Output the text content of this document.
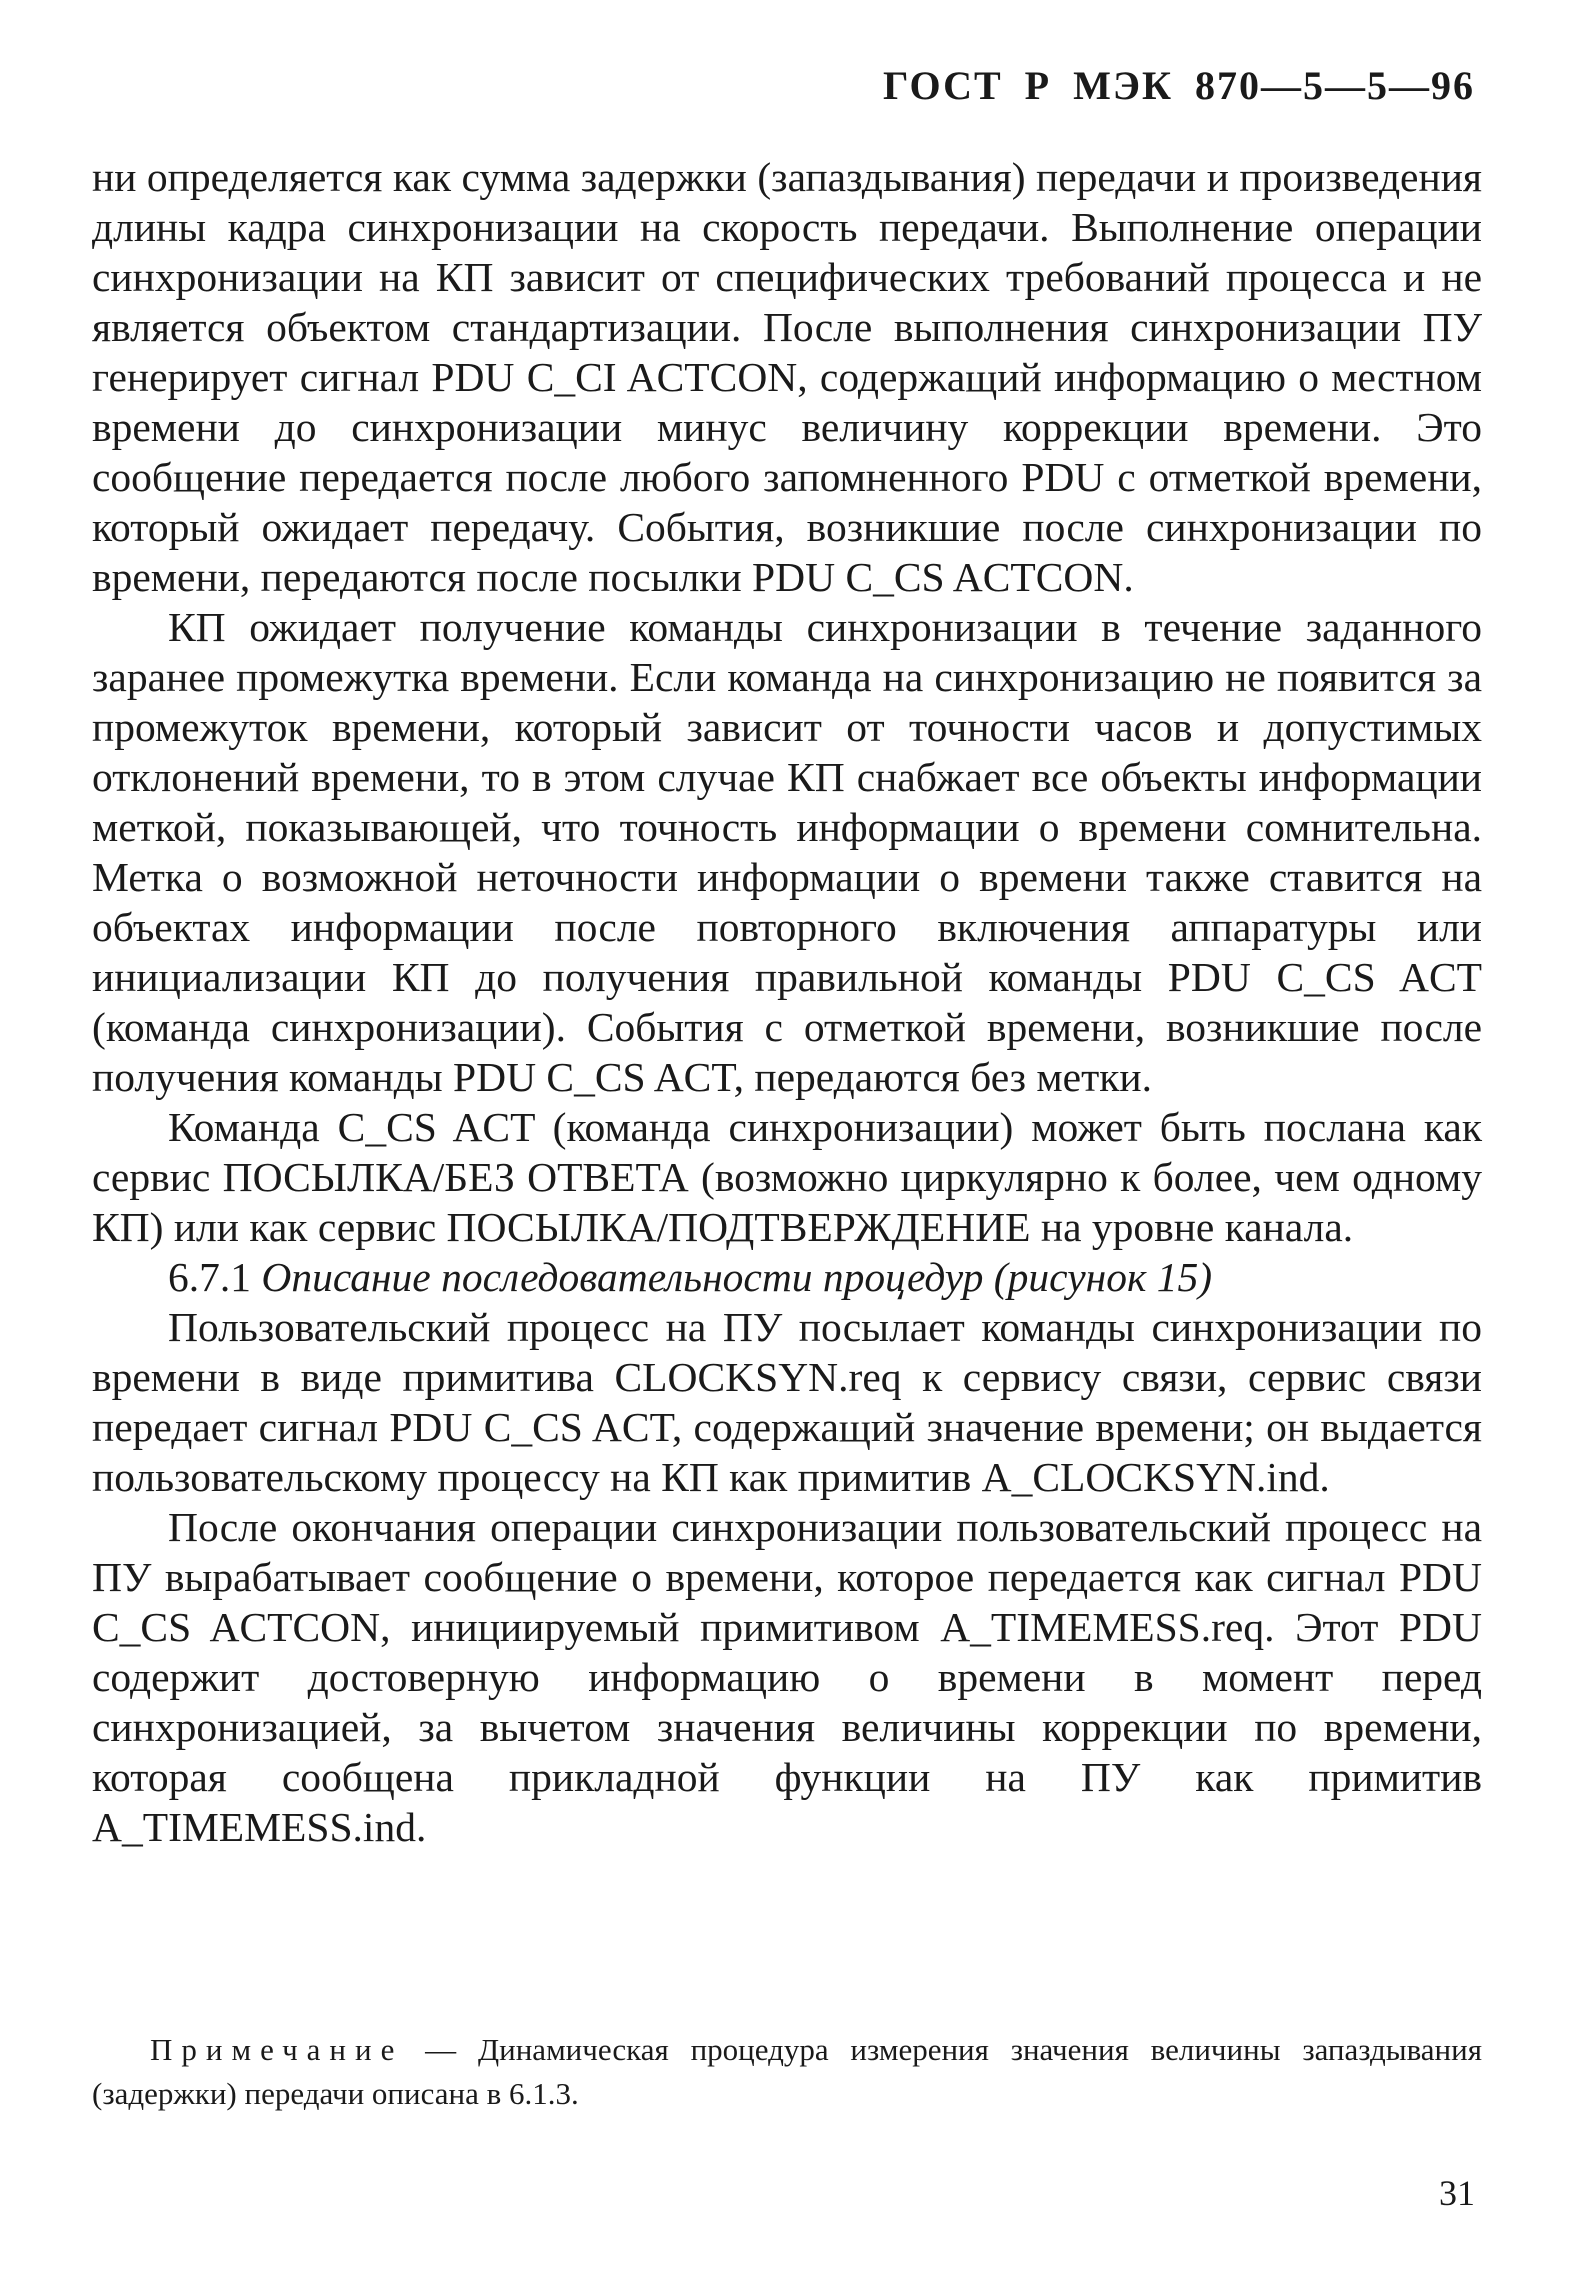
ГОСТ Р МЭК 870—5—5—96

ни определяется как сумма задержки (запаздывания) передачи и произведения длины кадра синхронизации на скорость передачи. Выполнение операции синхронизации на КП зависит от специфических требований процесса и не является объектом стандартизации. После выполнения синхронизации ПУ генерирует сигнал PDU C_CI ACTCON, содержащий информацию о местном времени до синхронизации минус величину коррекции времени. Это сообщение передается после любого запомненного PDU с отметкой времени, который ожидает передачу. События, возникшие после синхронизации по времени, передаются после посылки PDU C_CS ACTCON.

КП ожидает получение команды синхронизации в течение заданного заранее промежутка времени. Если команда на синхронизацию не появится за промежуток времени, который зависит от точности часов и допустимых отклонений времени, то в этом случае КП снабжает все объекты информации меткой, показывающей, что точность информации о времени сомнительна. Метка о возможной неточности информации о времени также ставится на объектах информации после повторного включения аппаратуры или инициализации КП до получения правильной команды PDU C_CS ACT (команда синхронизации). События с отметкой времени, возникшие после получения команды PDU C_CS ACT, передаются без метки.

Команда C_CS ACT (команда синхронизации) может быть послана как сервис ПОСЫЛКА/БЕЗ ОТВЕТА (возможно циркулярно к более, чем одному КП) или как сервис ПОСЫЛКА/ПОДТВЕРЖДЕНИЕ на уровне канала.

6.7.1 Описание последовательности процедур (рисунок 15)

Пользовательский процесс на ПУ посылает команды синхронизации по времени в виде примитива CLOCKSYN.req к сервису связи, сервис связи передает сигнал PDU C_CS ACT, содержащий значение времени; он выдается пользовательскому процессу на КП как примитив A_CLOCKSYN.ind.

После окончания операции синхронизации пользовательский процесс на ПУ вырабатывает сообщение о времени, которое передается как сигнал PDU C_CS ACTCON, инициируемый примитивом A_TIMEMESS.req. Этот PDU содержит достоверную информацию о времени в момент перед синхронизацией, за вычетом значения величины коррекции по времени, которая сообщена прикладной функции на ПУ как примитив A_TIMEMESS.ind.

Примечание — Динамическая процедура измерения значения величины запаздывания (задержки) передачи описана в 6.1.3.
31
